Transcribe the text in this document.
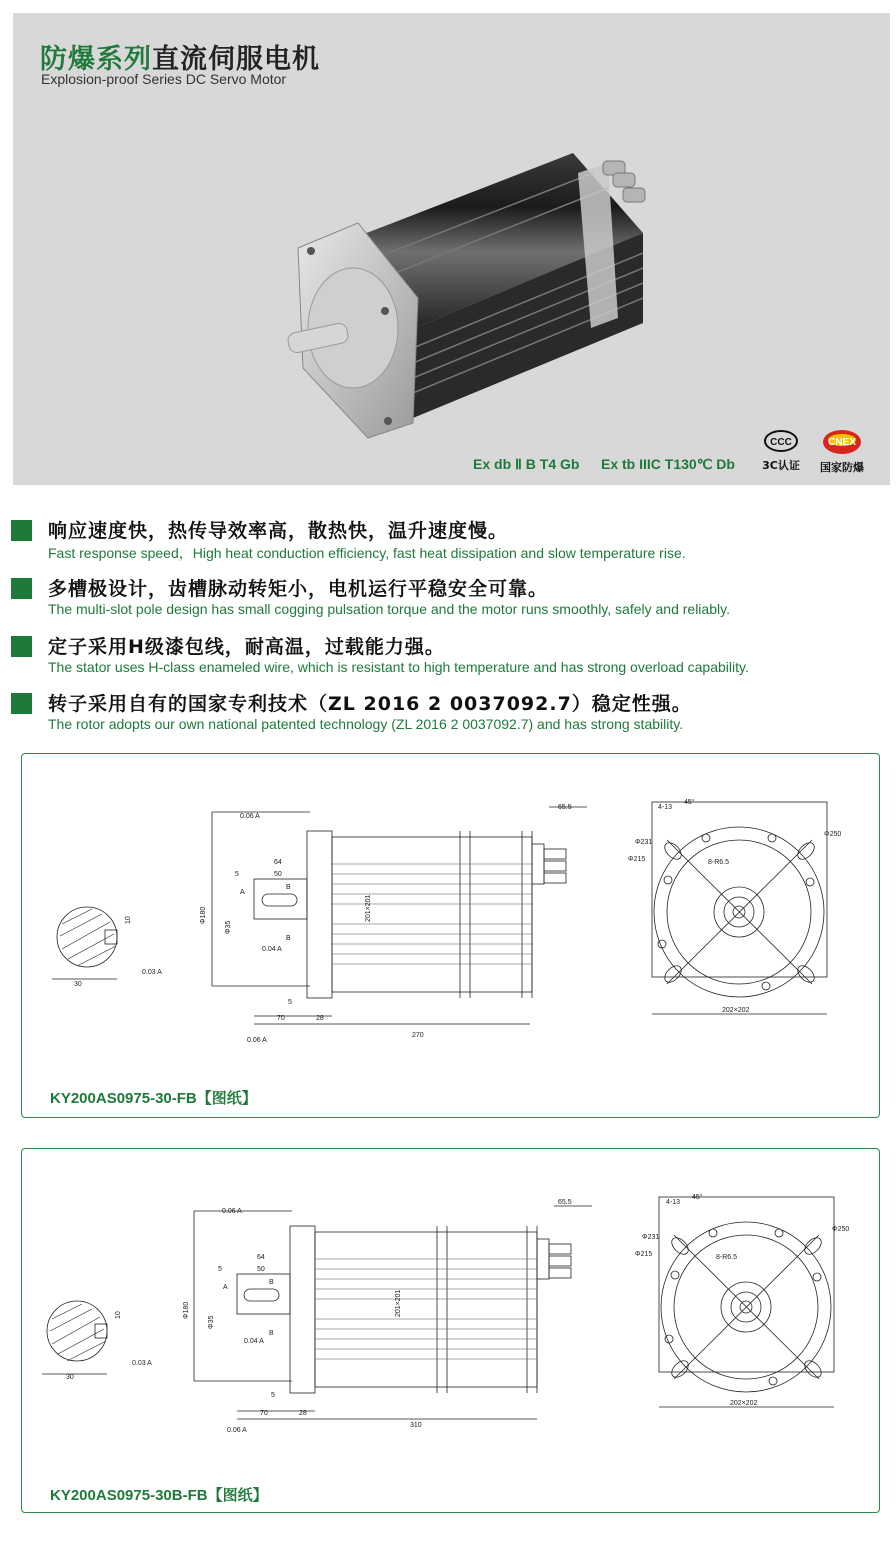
防爆系列直流伺服电机
Explosion-proof Series DC Servo Motor
Ex db Ⅱ B T4 Gb Ex tb IIIC T130℃ Db
CCC
3C认证
CNEX
国家防爆
响应速度快，热传导效率高，散热快，温升速度慢。
Fast response speed，High heat conduction efficiency, fast heat dissipation and slow temperature rise.
多槽极设计，齿槽脉动转矩小，电机运行平稳安全可靠。
The multi-slot pole design has small cogging pulsation torque and the motor runs smoothly, safely and reliably.
定子采用H级漆包线，耐高温，过载能力强。
The stator uses H-class enameled wire, which is resistant to high temperature and has strong overload capability.
转子采用自有的国家专利技术（ZL 2016 2 0037092.7）稳定性强。
The rotor adopts our own national patented technology (ZL 2016 2 0037092.7) and has strong stability.
65.5
64
50
5
5
70	28
270
201×201
Φ180
Φ35
30
10
0.06 A
0.04 A
0.03 A
0.06 A
Φ231
Φ215
Φ250
8-R6.5
4-13
45°
202×202
A
B
B
KY200AS0975-30-FB【图纸】
65.5
64
50
5
5
70	28
310
201×201
Φ180
Φ35
30
10
0.06 A
0.04 A
0.03 A
0.06 A
Φ231
Φ215
Φ250
8-R6.5
4-13
45°
202×202
A
B
B
KY200AS0975-30B-FB【图纸】
